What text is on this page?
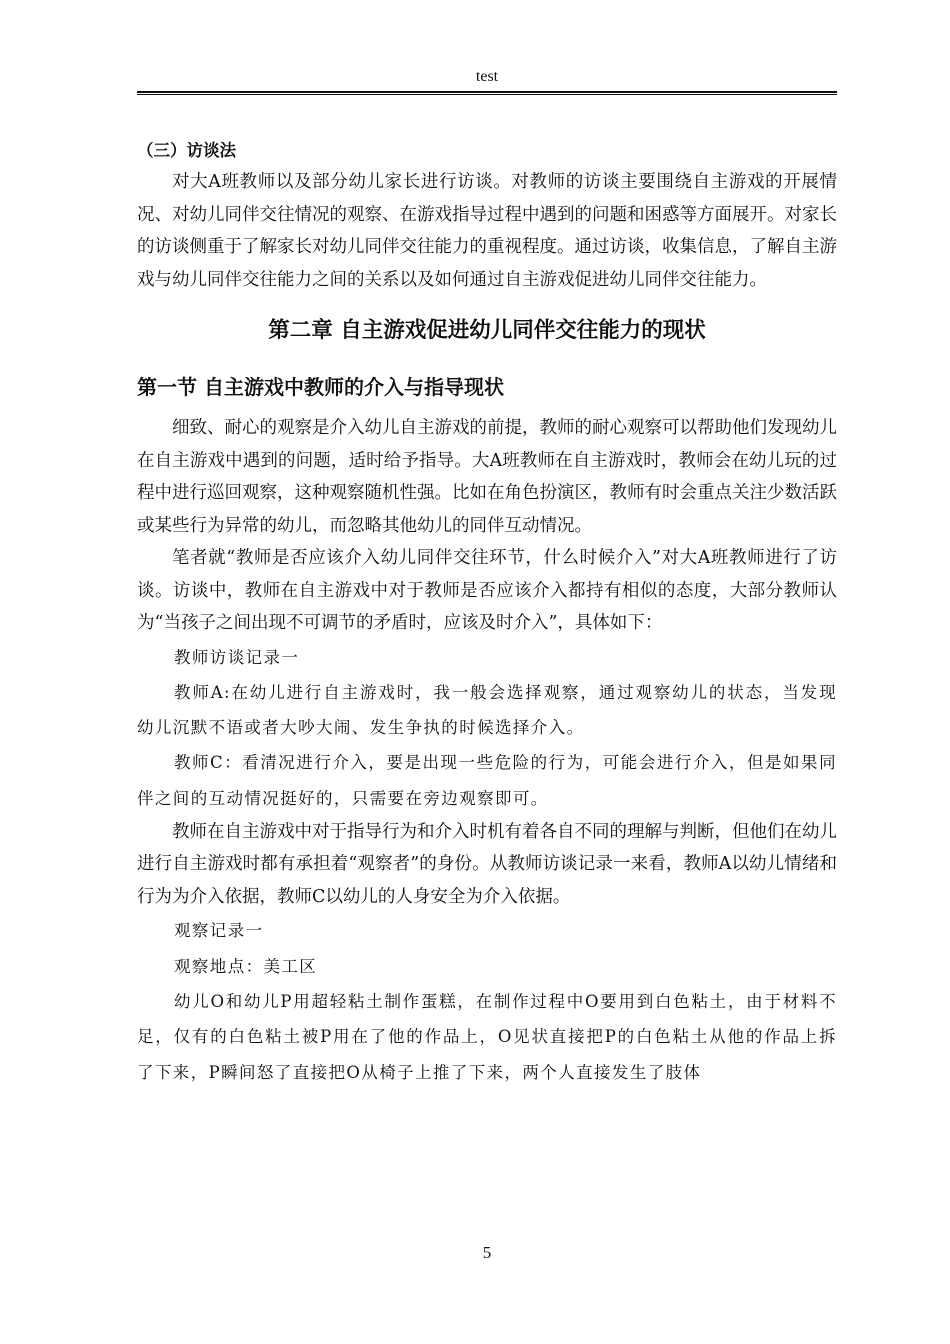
test
（三）访谈法

对大A班教师以及部分幼儿家长进行访谈。对教师的访谈主要围绕自主游戏的开展情况、对幼儿同伴交往情况的观察、在游戏指导过程中遇到的问题和困惑等方面展开。对家长的访谈侧重于了解家长对幼儿同伴交往能力的重视程度。通过访谈，收集信息，了解自主游戏与幼儿同伴交往能力之间的关系以及如何通过自主游戏促进幼儿同伴交往能力。

第二章 自主游戏促进幼儿同伴交往能力的现状
第一节 自主游戏中教师的介入与指导现状

细致、耐心的观察是介入幼儿自主游戏的前提，教师的耐心观察可以帮助他们发现幼儿在自主游戏中遇到的问题，适时给予指导。大A班教师在自主游戏时，教师会在幼儿玩的过程中进行巡回观察，这种观察随机性强。比如在角色扮演区，教师有时会重点关注少数活跃或某些行为异常的幼儿，而忽略其他幼儿的同伴互动情况。

笔者就“教师是否应该介入幼儿同伴交往环节，什么时候介入”对大A班教师进行了访谈。访谈中，教师在自主游戏中对于教师是否应该介入都持有相似的态度，大部分教师认为“当孩子之间出现不可调节的矛盾时，应该及时介入”，具体如下：

教师访谈记录一

教师A:在幼儿进行自主游戏时，我一般会选择观察，通过观察幼儿的状态，当发现幼儿沉默不语或者大吵大闹、发生争执的时候选择介入。

教师C：看清况进行介入，要是出现一些危险的行为，可能会进行介入，但是如果同伴之间的互动情况挺好的，只需要在旁边观察即可。

教师在自主游戏中对于指导行为和介入时机有着各自不同的理解与判断，但他们在幼儿进行自主游戏时都有承担着“观察者”的身份。从教师访谈记录一来看，教师A以幼儿情绪和行为为介入依据，教师C以幼儿的人身安全为介入依据。

观察记录一

观察地点：美工区

幼儿O和幼儿P用超轻粘土制作蛋糕，在制作过程中O要用到白色粘土，由于材料不足，仅有的白色粘土被P用在了他的作品上，O见状直接把P的白色粘土从他的作品上拆了下来，P瞬间怒了直接把O从椅子上推了下来，两个人直接发生了肢体

5
